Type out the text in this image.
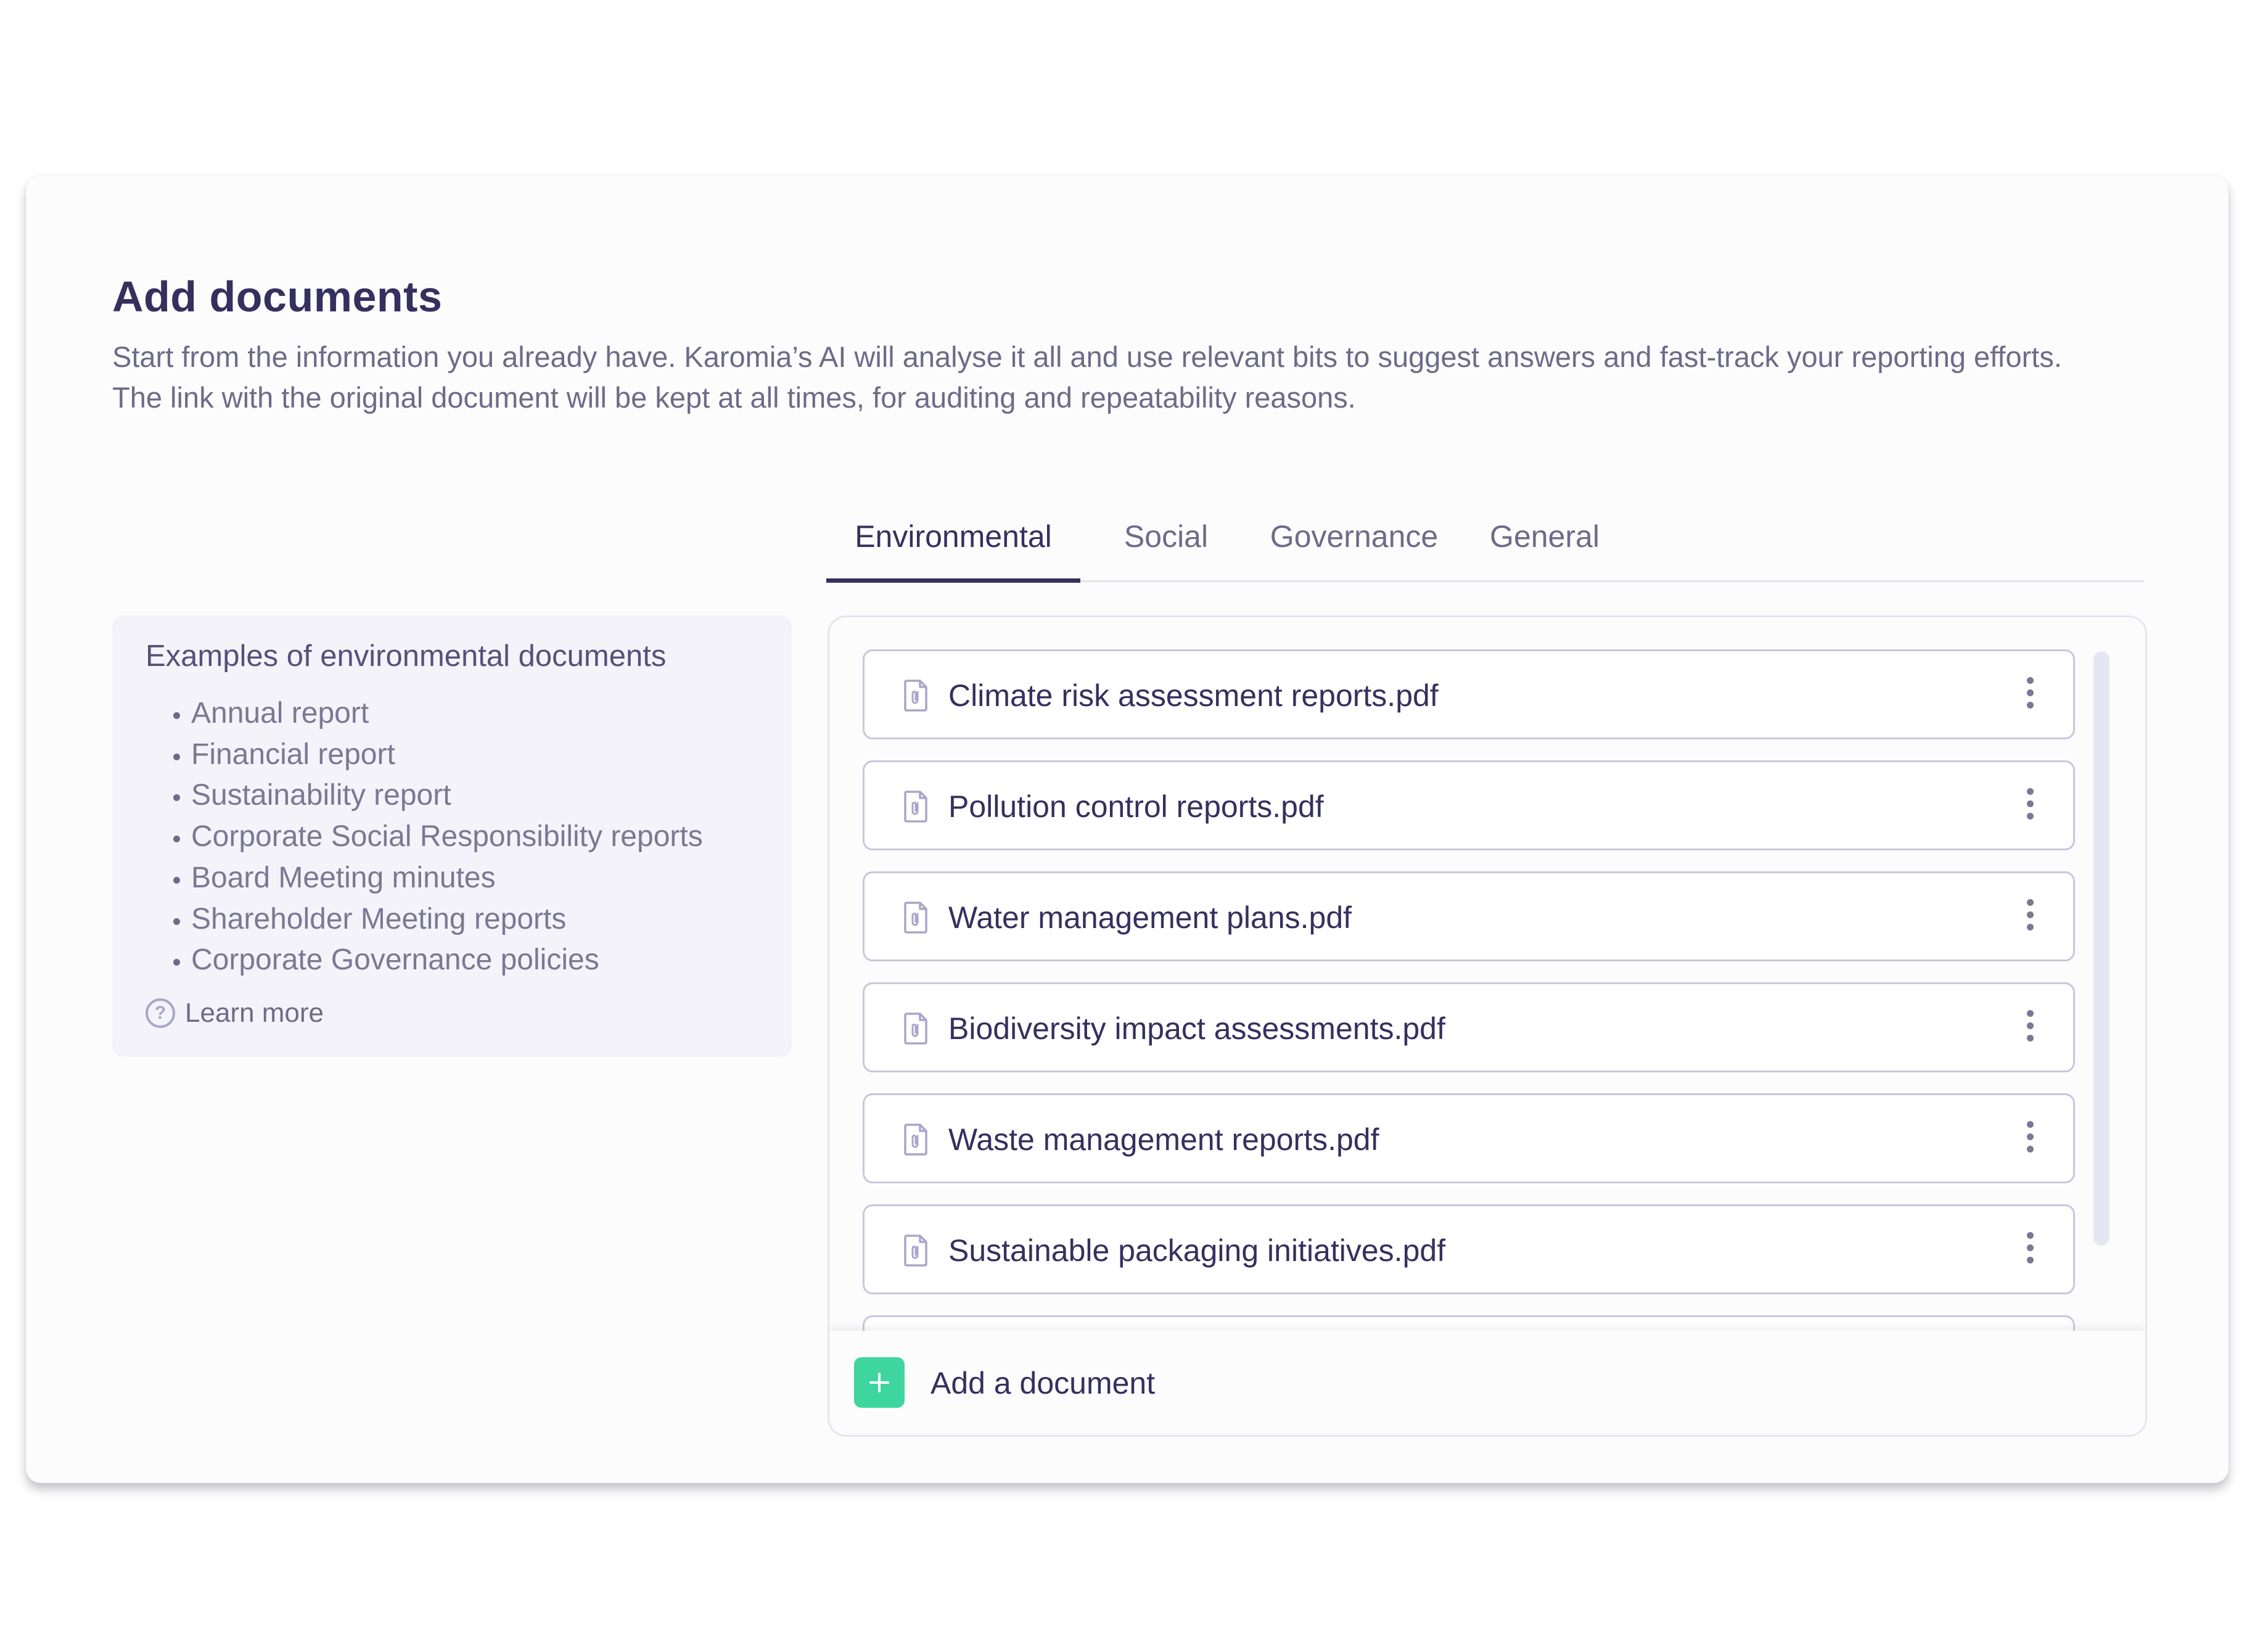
Add documents

Start from the information you already have. Karomia’s AI will analyse it all and use relevant bits to suggest answers and fast-track your reporting efforts. The link with the original document will be kept at all times, for auditing and repeatability reasons.

Environmental	Social	Governance	General
Examples of environmental documents
• Annual report
• Financial report
• Sustainability report
• Corporate Social Responsibility reports
• Board Meeting minutes
• Shareholder Meeting reports
• Corporate Governance policies
? Learn more
Climate risk assessment reports.pdf
Pollution control reports.pdf
Water management plans.pdf
Biodiversity impact assessments.pdf
Waste management reports.pdf
Sustainable packaging initiatives.pdf
Add a document
